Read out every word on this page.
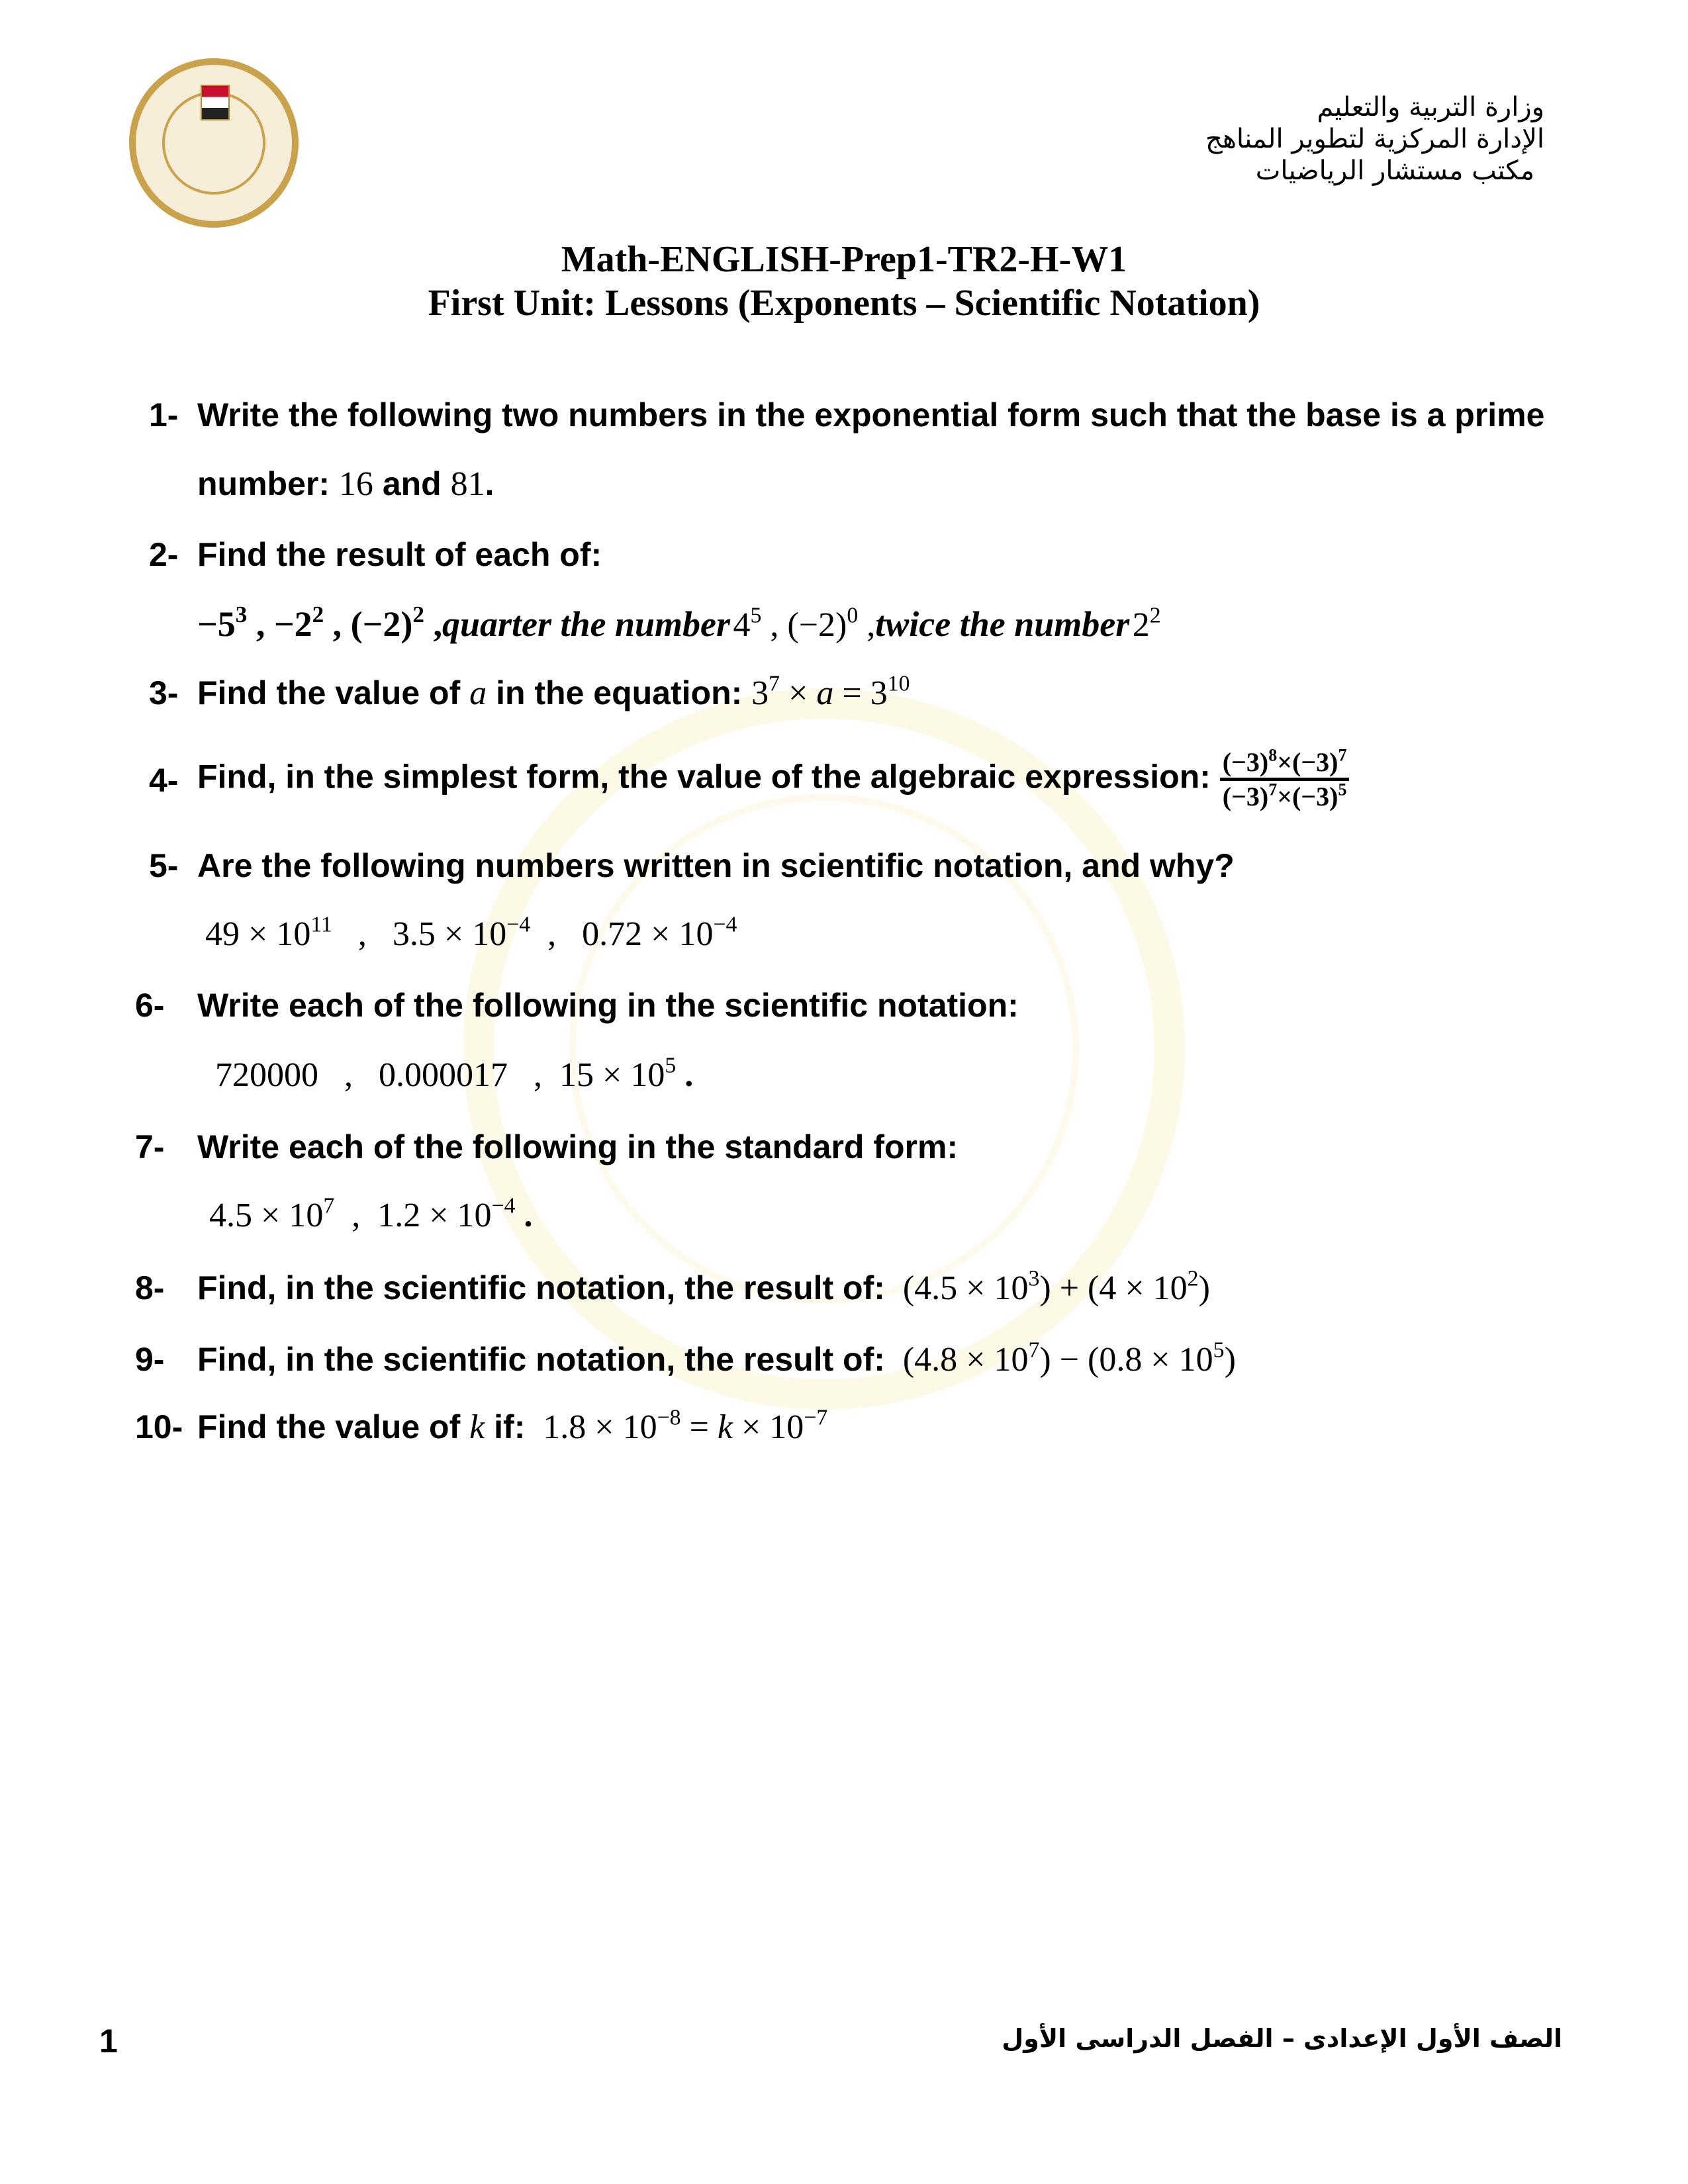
وزارة التربية والتعليم
الإدارة المركزية لتطوير المناهج
مكتب مستشار الرياضيات
Math-ENGLISH-Prep1-TR2-H-W1
First Unit: Lessons (Exponents – Scientific Notation)
1- Write the following two numbers in the exponential form such that the base is a prime
number: 16 and 81.
2- Find the result of each of:
$-5^3$ , $-2^2$ , $(-2)^2$ ,quarter the number $4^5$ , $(-2)^0$ ,twice the number $2^2$
3- Find the value of a in the equation: $3^7 \times a = 3^{10}$
4- Find, in the simplest form, the value of the algebraic expression: $\frac{(-3)^8\times(-3)^7}{(-3)^7\times(-3)^5}$
5- Are the following numbers written in scientific notation, and why?
$49 \times 10^{11}$   ,   $3.5 \times 10^{-4}$  ,   $0.72 \times 10^{-4}$
6- Write each of the following in the scientific notation:
720000   ,   0.000017   ,  $15 \times 10^5$ .
7- Write each of the following in the standard form:
$4.5 \times 10^7$  ,  $1.2 \times 10^{-4}$ .
8- Find, in the scientific notation, the result of:  $(4.5 \times 10^3) + (4 \times 10^2)$
9- Find, in the scientific notation, the result of:  $(4.8 \times 10^7) - (0.8 \times 10^5)$
10- Find the value of k if:  $1.8 \times 10^{-8} = k \times 10^{-7}$
1	الصف الأول الإعدادى – الفصل الدراسى الأول
